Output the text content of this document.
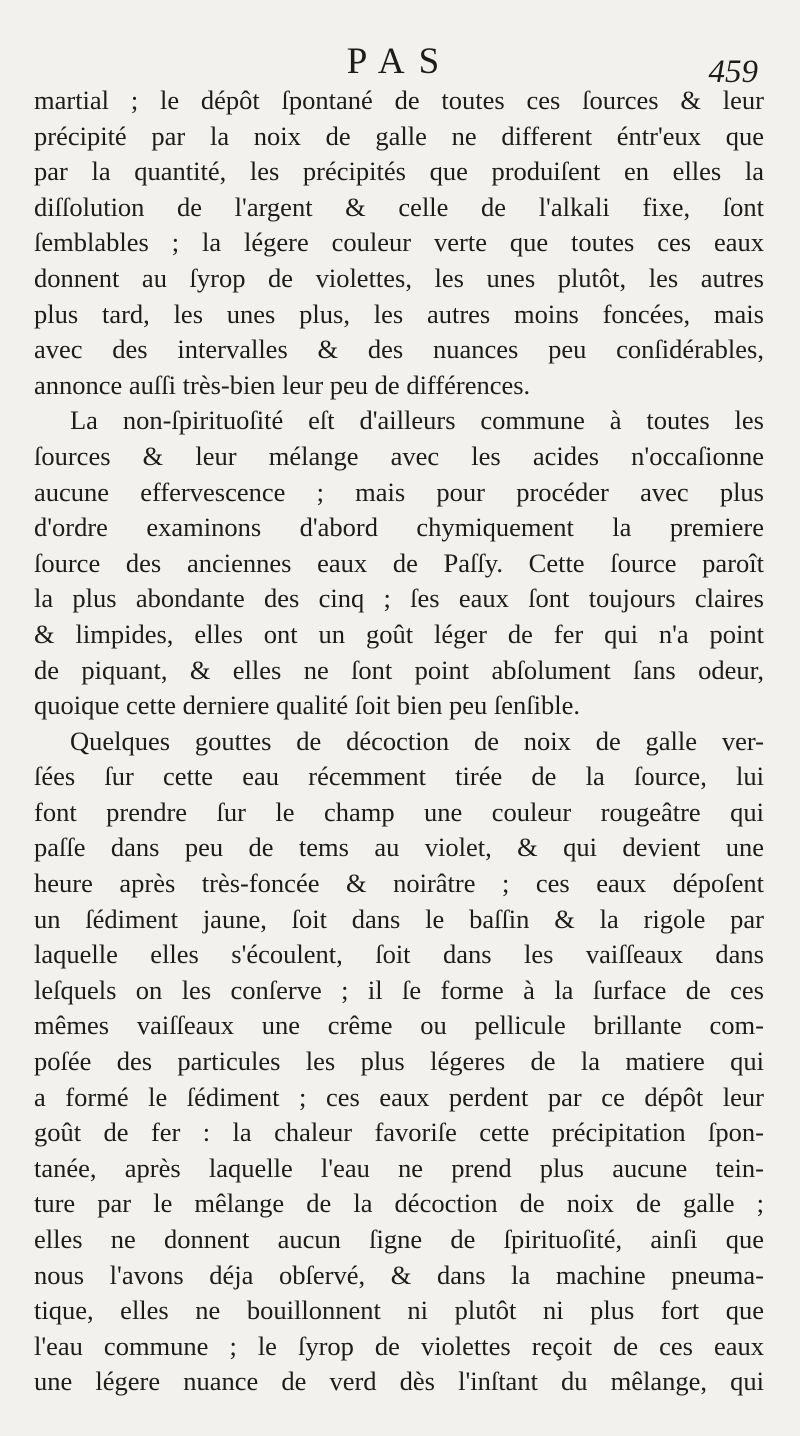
PAS	459
martial ; le dépôt ſpontané de toutes ces ſources & leur
précipité par la noix de galle ne different éntr'eux que
par la quantité, les précipités que produiſent en elles la
diſſolution de l'argent & celle de l'alkali fixe, ſont
ſemblables ; la légere couleur verte que toutes ces eaux
donnent au ſyrop de violettes, les unes plutôt, les autres
plus tard, les unes plus, les autres moins foncées, mais
avec des intervalles & des nuances peu conſidérables,
annonce auſſi très-bien leur peu de différences.
La non-ſpirituoſité eſt d'ailleurs commune à toutes les
ſources & leur mélange avec les acides n'occaſionne
aucune effervescence ; mais pour procéder avec plus
d'ordre examinons d'abord chymiquement la premiere
ſource des anciennes eaux de Paſſy. Cette ſource paroît
la plus abondante des cinq ; ſes eaux ſont toujours claires
& limpides, elles ont un goût léger de fer qui n'a point
de piquant, & elles ne ſont point abſolument ſans odeur,
quoique cette derniere qualité ſoit bien peu ſenſible.
Quelques gouttes de décoction de noix de galle ver-
ſées ſur cette eau récemment tirée de la ſource, lui
font prendre ſur le champ une couleur rougeâtre qui
paſſe dans peu de tems au violet, & qui devient une
heure après très-foncée & noirâtre ; ces eaux dépoſent
un ſédiment jaune, ſoit dans le baſſin & la rigole par
laquelle elles s'écoulent, ſoit dans les vaiſſeaux dans
leſquels on les conſerve ; il ſe forme à la ſurface de ces
mêmes vaiſſeaux une crême ou pellicule brillante com-
poſée des particules les plus légeres de la matiere qui
a formé le ſédiment ; ces eaux perdent par ce dépôt leur
goût de fer : la chaleur favoriſe cette précipitation ſpon-
tanée, après laquelle l'eau ne prend plus aucune tein-
ture par le mêlange de la décoction de noix de galle ;
elles ne donnent aucun ſigne de ſpirituoſité, ainſi que
nous l'avons déja obſervé, & dans la machine pneuma-
tique, elles ne bouillonnent ni plutôt ni plus fort que
l'eau commune ; le ſyrop de violettes reçoit de ces eaux
une légere nuance de verd dès l'inſtant du mêlange, qui
